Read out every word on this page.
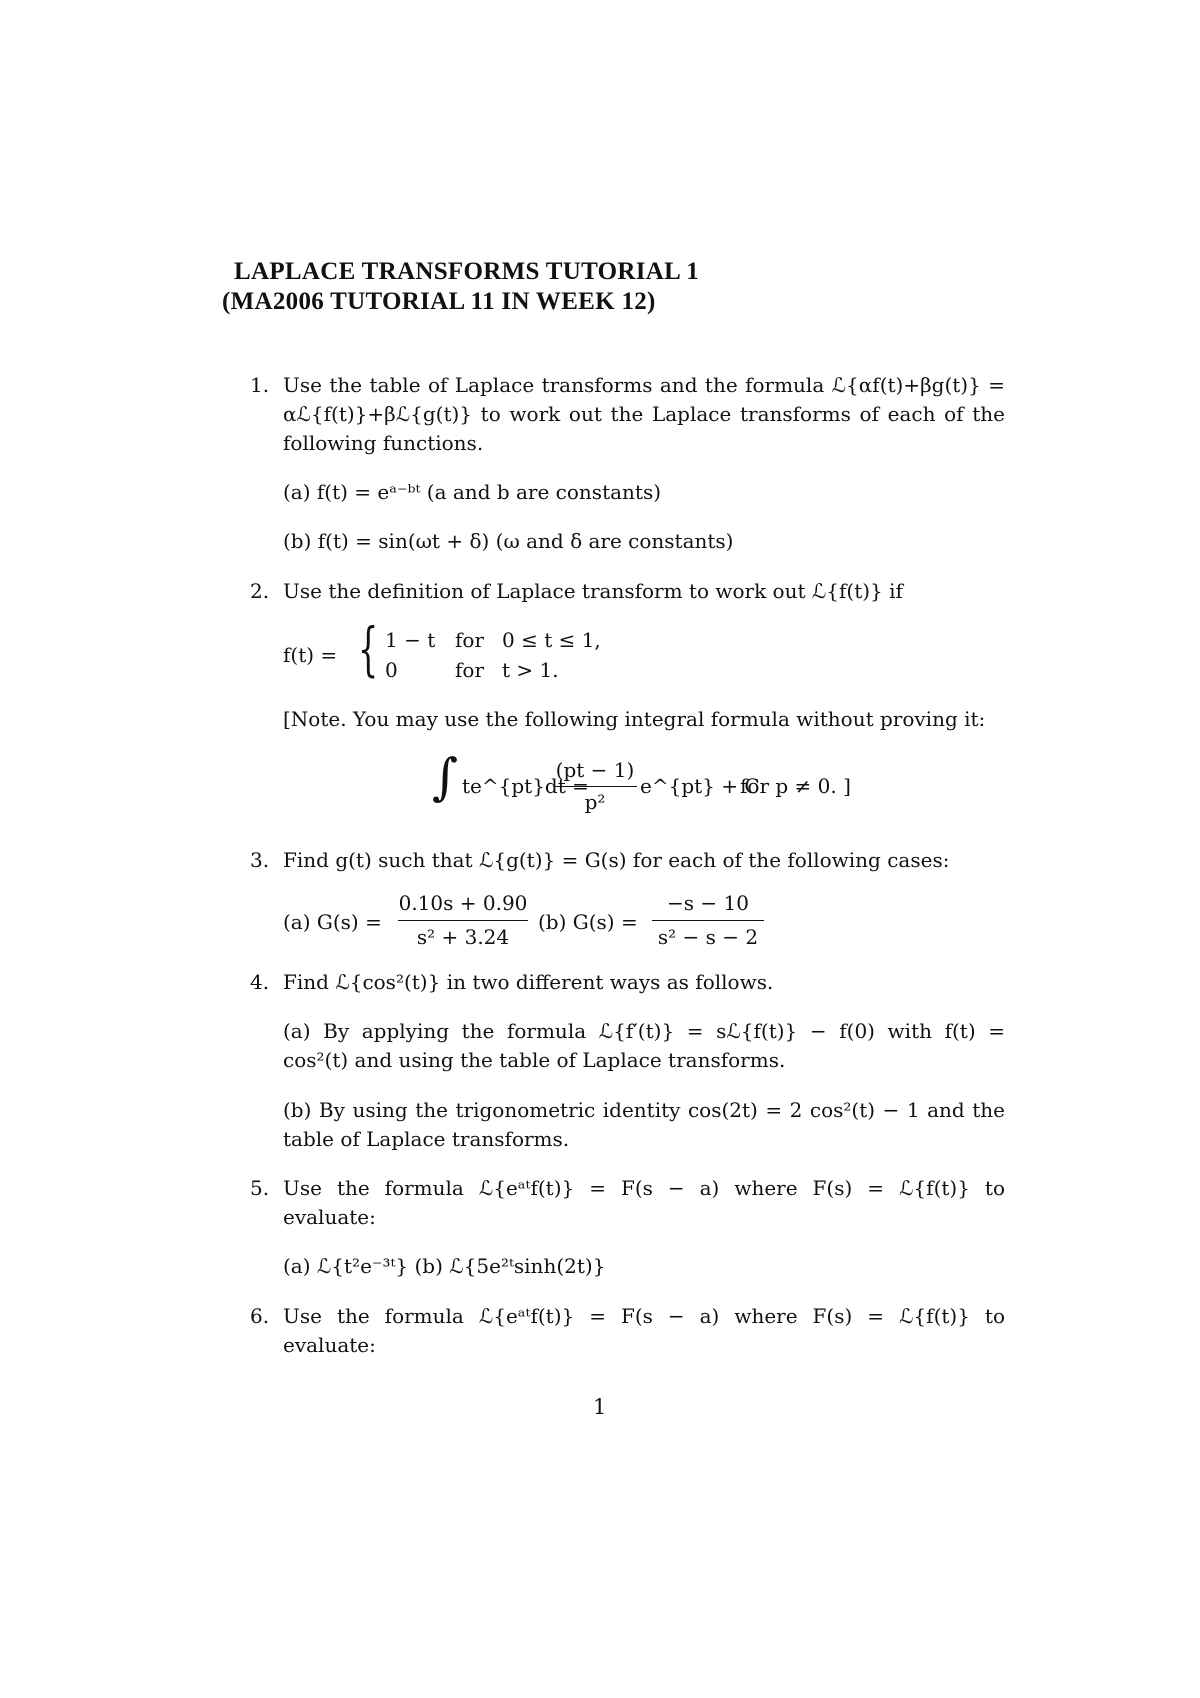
LAPLACE TRANSFORMS TUTORIAL 1
(MA2006 TUTORIAL 11 IN WEEK 12)
1. Use the table of Laplace transforms and the formula ℒ{αf(t)+βg(t)} =
αℒ{f(t)}+βℒ{g(t)} to work out the Laplace transforms of each of the
following functions.
(a) f(t) = eᵃ⁻ᵇᵗ (a and b are constants)
(b) f(t) = sin(ωt + δ) (ω and δ are constants)
2. Use the definition of Laplace transform to work out ℒ{f(t)} if
f(t) = { 1 − t for 0 ≤ t ≤ 1,
0	for t > 1.
[Note. You may use the following integral formula without proving it:
∫ te^{pt}dt =
(pt − 1)
p²
e^{pt} + C
for p ≠ 0. ]
3. Find g(t) such that ℒ{g(t)} = G(s) for each of the following cases:
(a) G(s) =
0.10s + 0.90
s² + 3.24
(b) G(s) =
−s − 10
s² − s − 2
4. Find ℒ{cos²(t)} in two different ways as follows.
(a) By applying the formula ℒ{f′(t)} = sℒ{f(t)} − f(0) with f(t) =
cos²(t) and using the table of Laplace transforms.
(b) By using the trigonometric identity cos(2t) = 2 cos²(t) − 1 and the
table of Laplace transforms.
5. Use the formula ℒ{eᵃᵗf(t)} = F(s − a) where F(s) = ℒ{f(t)} to
evaluate:
(a) ℒ{t²e⁻³ᵗ} (b) ℒ{5e²ᵗsinh(2t)}
6. Use the formula ℒ{eᵃᵗf(t)} = F(s − a) where F(s) = ℒ{f(t)} to
evaluate:
1
